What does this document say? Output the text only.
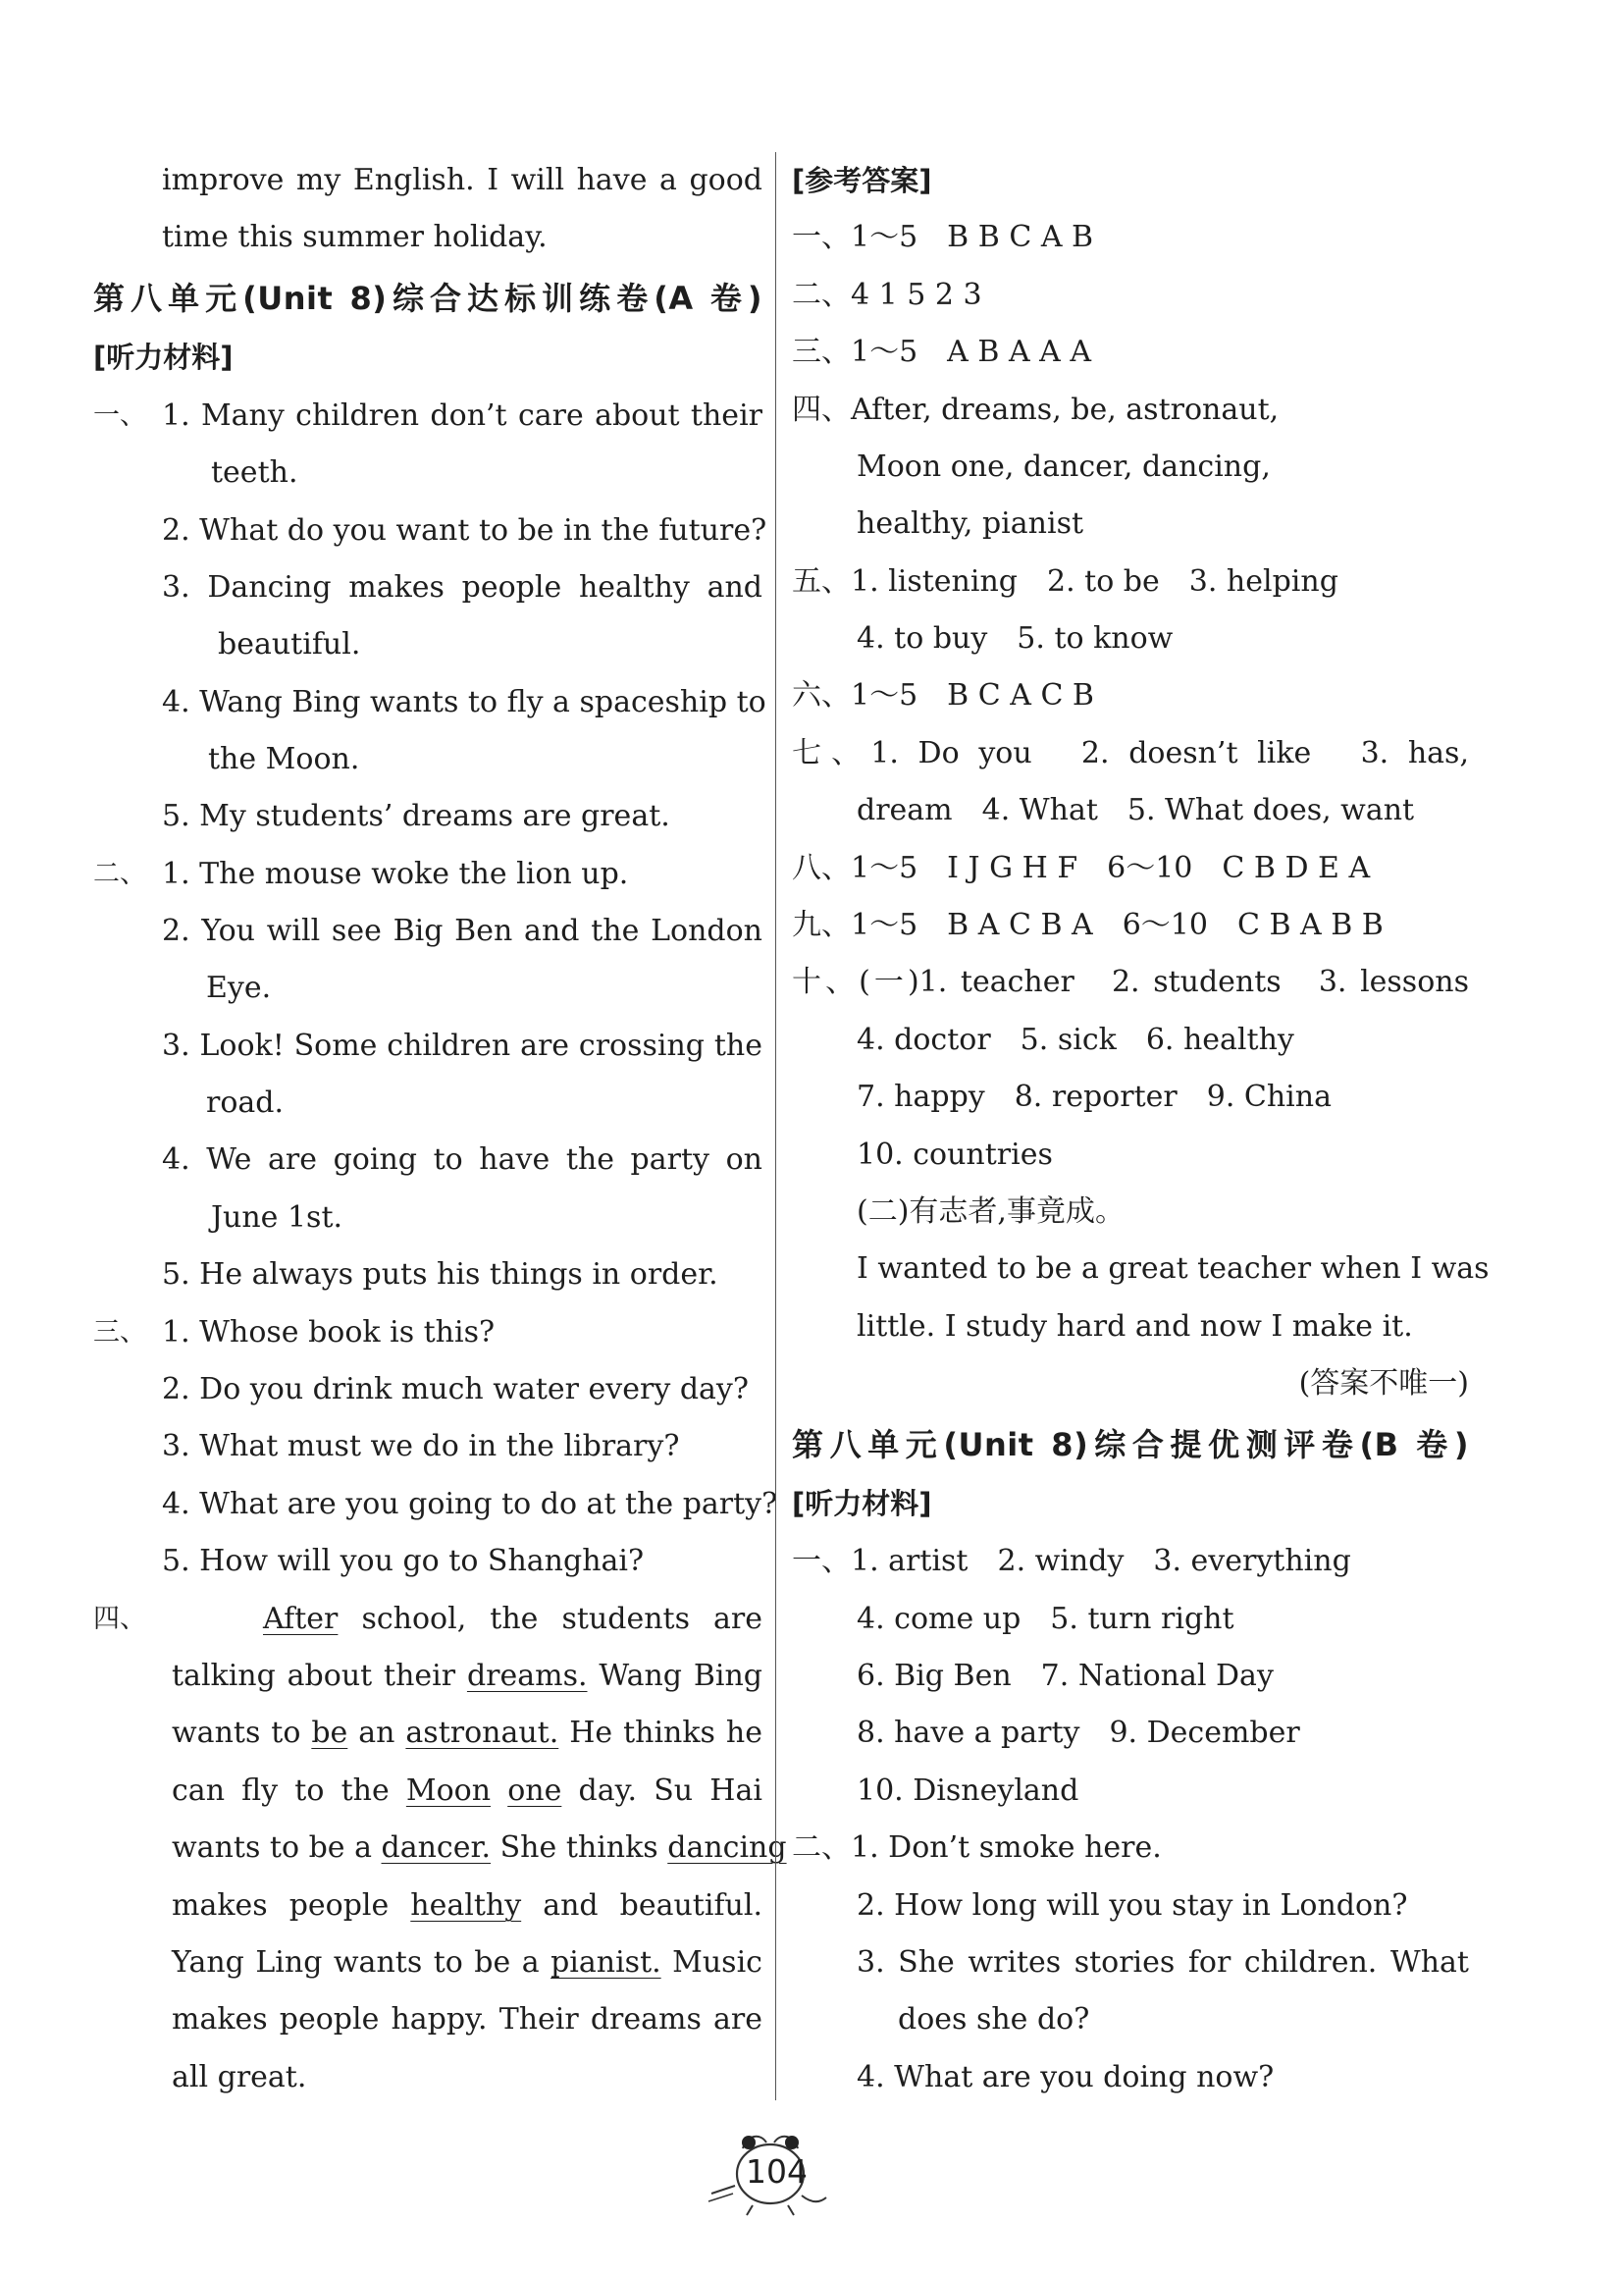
improve my English. I will have a good
time this summer holiday.
第八单元(Unit 8)综合达标训练卷(A 卷)
[听力材料]
一、 1. Many children don’t care about their
teeth.
2. What do you want to be in the future?
3. Dancing makes people healthy and
beautiful.
4. Wang Bing wants to fly a spaceship to
the Moon.
5. My students’ dreams are great.
二、 1. The mouse woke the lion up.
2. You will see Big Ben and the London
Eye.
3. Look! Some children are crossing the
road.
4. We are going to have the party on
June 1st.
5. He always puts his things in order.
三、 1. Whose book is this?
2. Do you drink much water every day?
3. What must we do in the library?
4. What are you going to do at the party?
5. How will you go to Shanghai?
四、	After school, the students are
talking about their dreams. Wang Bing
wants to be an astronaut. He thinks he
can fly to the Moon one day. Su Hai
wants to be a dancer. She thinks dancing
makes people healthy and beautiful.
Yang Ling wants to be a pianist. Music
makes people happy. Their dreams are
all great.
[参考答案]
一、1～5　B B C A B
二、4 1 5 2 3
三、1～5　A B A A A
四、After, dreams, be, astronaut,
Moon one, dancer, dancing,
healthy, pianist
五、1. listening　2. to be　3. helping
4. to buy　5. to know
六、1～5　B C A C B
七、1. Do you　2. doesn’t like　3. has,
dream　4. What　5. What does, want
八、1～5　I J G H F　6～10　C B D E A
九、1～5　B A C B A　6～10　C B A B B
十、(一)1. teacher　2. students　3. lessons
4. doctor　5. sick　6. healthy
7. happy　8. reporter　9. China
10. countries
(二)有志者,事竟成。
I wanted to be a great teacher when I was
little. I study hard and now I make it.
(答案不唯一)
第八单元(Unit 8)综合提优测评卷(B 卷)
[听力材料]
一、1. artist　2. windy　3. everything
4. come up　5. turn right
6. Big Ben　7. National Day
8. have a party　9. December
10. Disneyland
二、1. Don’t smoke here.
2. How long will you stay in London?
3. She writes stories for children. What
does she do?
4. What are you doing now?
104
